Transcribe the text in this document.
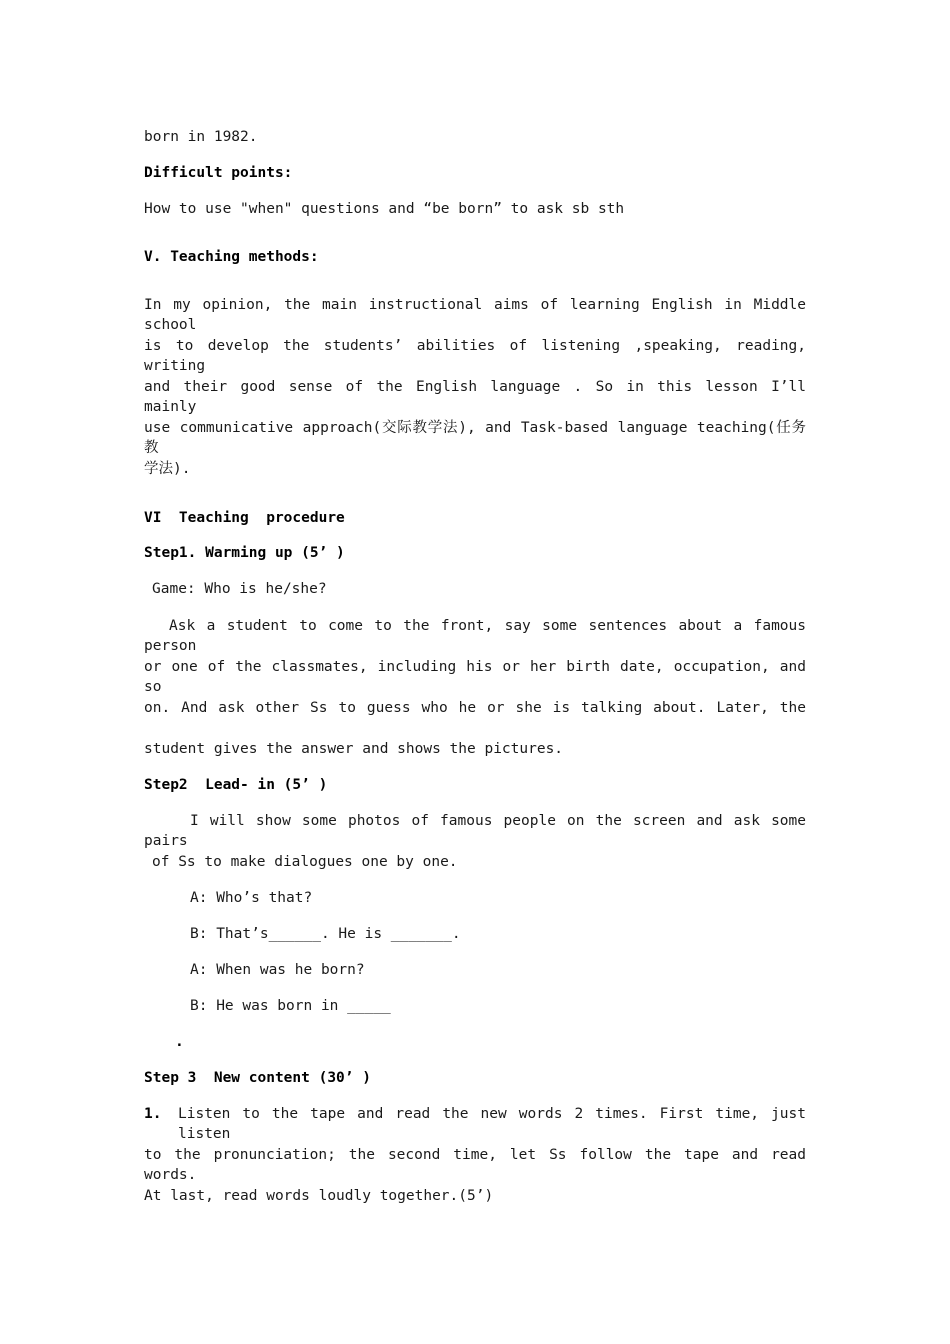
born in 1982.

Difficult points:

How to use "when" questions and “be born” to ask sb sth

V. Teaching methods:

In my opinion, the main instructional aims of learning English in Middle school

is to develop the students’ abilities of listening ,speaking, reading, writing

and their good sense of the English language . So in this lesson I’ll mainly

use communicative approach(交际教学法), and Task-based language teaching(任务教

学法).

VI  Teaching  procedure

Step1. Warming up (5’ )

Game: Who is he/she?

Ask a student to come to the front, say some sentences about a famous person

or one of the classmates, including his or her birth date, occupation, and so

on. And ask other Ss to guess who he or she is talking about. Later, the

student gives the answer and shows the pictures.

Step2  Lead- in (5’ )

I will show some photos of famous people on the screen and ask some pairs

of Ss to make dialogues one by one.

A: Who’s that?

B: That’s______. He is _______.

A: When was he born?

B: He was born in _____

.

Step 3  New content (30’ )

1. Listen to the tape and read the new words 2 times. First time, just listen

to the pronunciation; the second time, let Ss follow the tape and read words.

At last, read words loudly together.(5’)
